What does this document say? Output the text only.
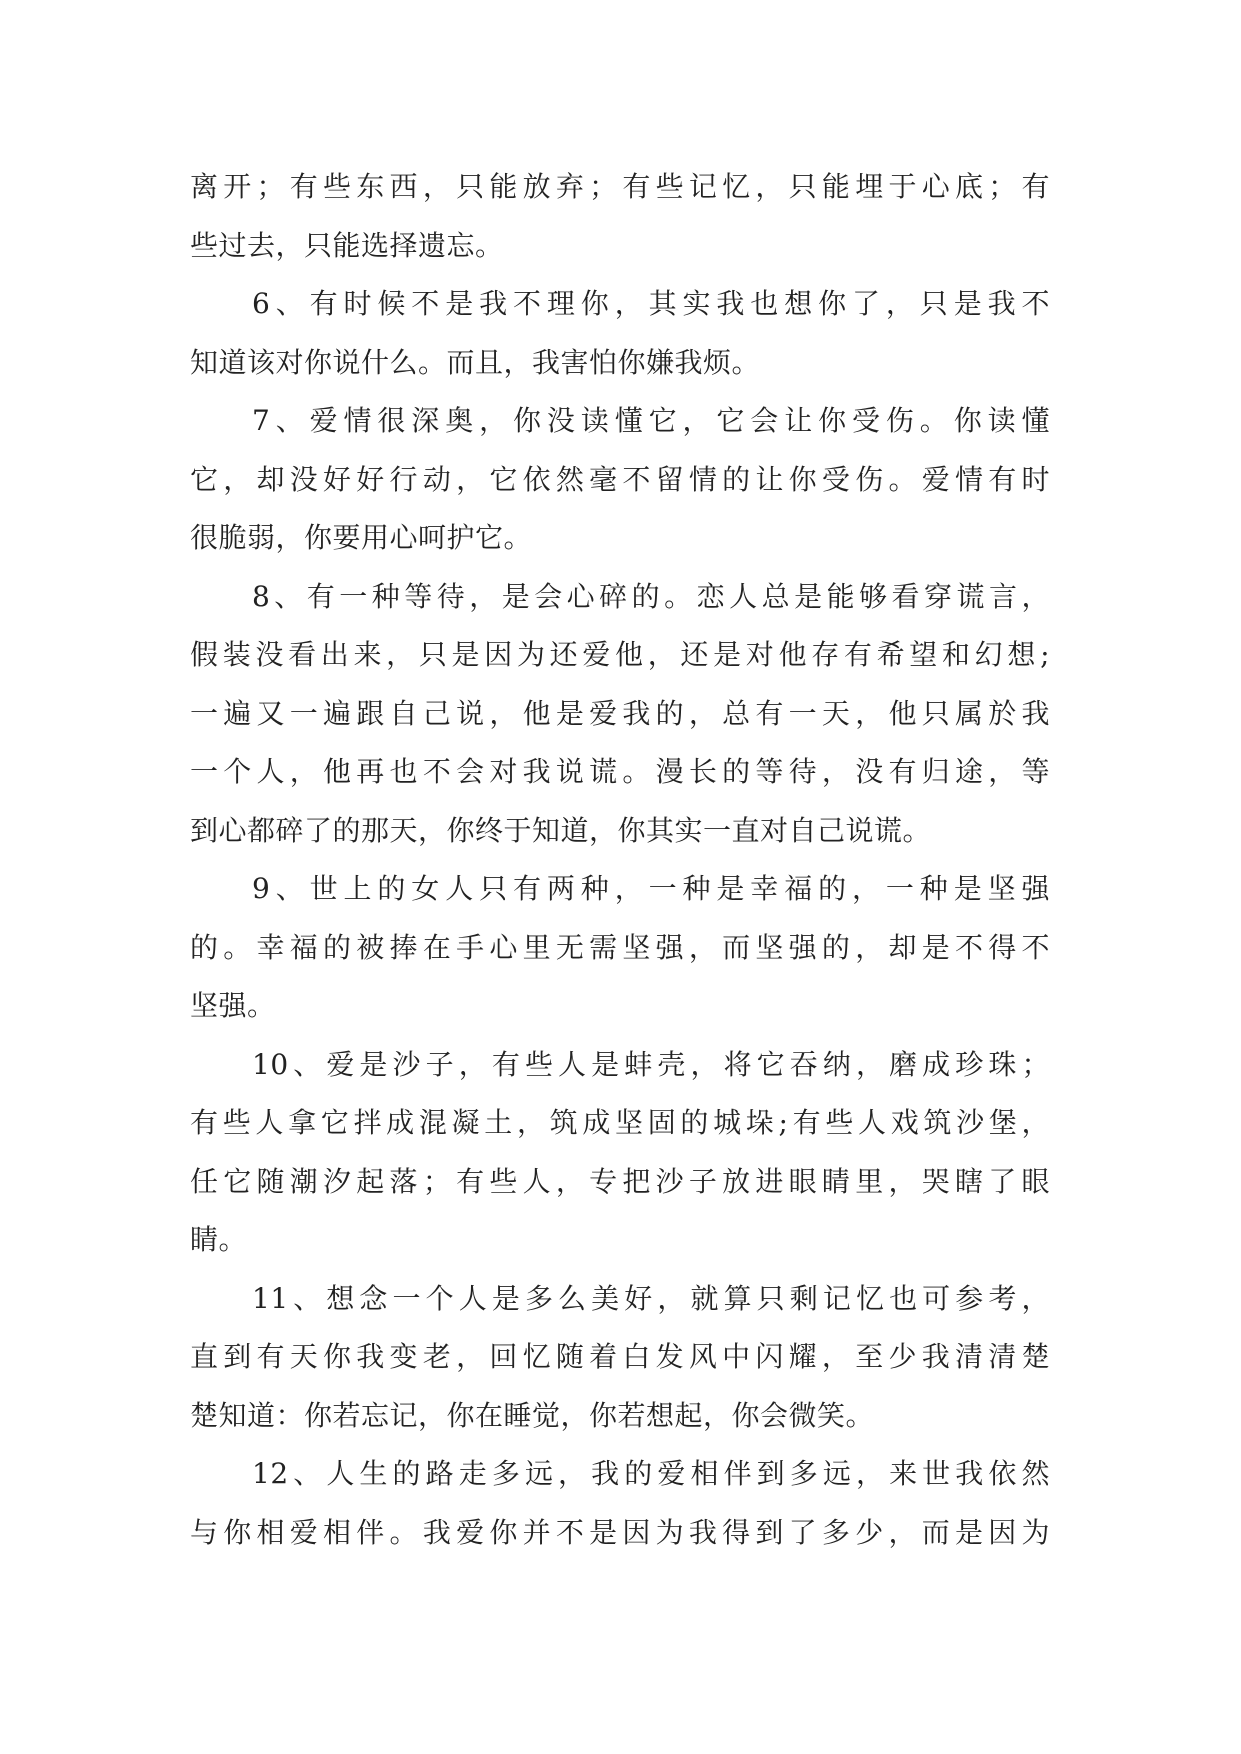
离开；有些东西，只能放弃；有些记忆，只能埋于心底；有
些过去，只能选择遗忘。
6、有时候不是我不理你，其实我也想你了，只是我不
知道该对你说什么。而且，我害怕你嫌我烦。
7、爱情很深奥，你没读懂它，它会让你受伤。你读懂
它，却没好好行动，它依然毫不留情的让你受伤。爱情有时
很脆弱，你要用心呵护它。
8、有一种等待，是会心碎的。恋人总是能够看穿谎言，
假装没看出来，只是因为还爱他，还是对他存有希望和幻想;
一遍又一遍跟自己说，他是爱我的，总有一天，他只属於我
一个人，他再也不会对我说谎。漫长的等待，没有归途，等
到心都碎了的那天，你终于知道，你其实一直对自己说谎。
9、世上的女人只有两种，一种是幸福的，一种是坚强
的。幸福的被捧在手心里无需坚强，而坚强的，却是不得不
坚强。
10、爱是沙子，有些人是蚌壳，将它吞纳，磨成珍珠；
有些人拿它拌成混凝土，筑成坚固的城垛;有些人戏筑沙堡，
任它随潮汐起落；有些人，专把沙子放进眼睛里，哭瞎了眼
睛。
11、想念一个人是多么美好，就算只剩记忆也可参考，
直到有天你我变老，回忆随着白发风中闪耀，至少我清清楚
楚知道：你若忘记，你在睡觉，你若想起，你会微笑。
12、人生的路走多远，我的爱相伴到多远，来世我依然
与你相爱相伴。我爱你并不是因为我得到了多少，而是因为
